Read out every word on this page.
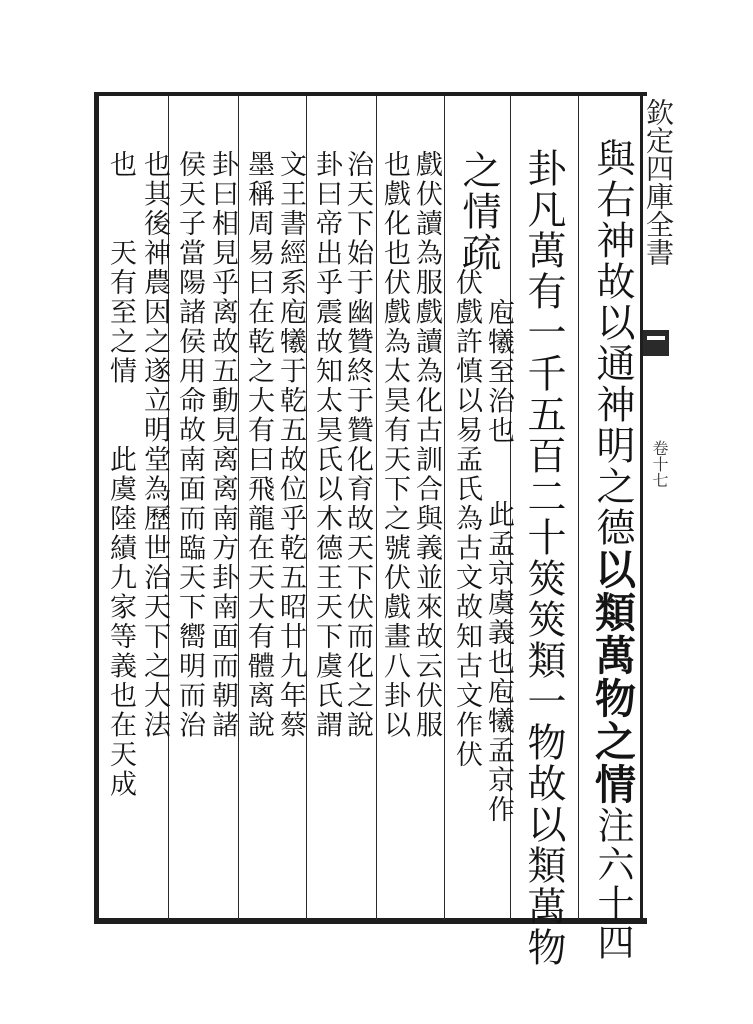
欽定四庫全書
卷十七
與右神故以通神明之德以類萬物之情注六十四
卦凡萬有一千五百二十筴筴類一物故以類萬物
之情疏
庖犧至治也
伏戲許慎以易孟氏為古文故知古文作伏 此孟京虞義也庖犧孟京作
戲伏讀為服戲讀為化古訓合與義並來故云伏服
也戲化也伏戲為太昊有天下之號伏戲畫八卦以
治天下始于幽贊終于贊化育故天下伏而化之說
卦曰帝出乎震故知太昊氏以木德王天下虞氏謂
文王書經系庖犧于乾五故位乎乾五昭廿九年蔡
墨稱周易曰在乾之大有曰飛龍在天大有體离說
卦曰相見乎离故五動見离离南方卦南面而朝諸
侯天子當陽諸侯用命故南面而臨天下嚮明而治
也其後神農因之遂立明堂為歷世治天下之大法
也　　天有至之情　　此虞陸績九家等義也在天成
